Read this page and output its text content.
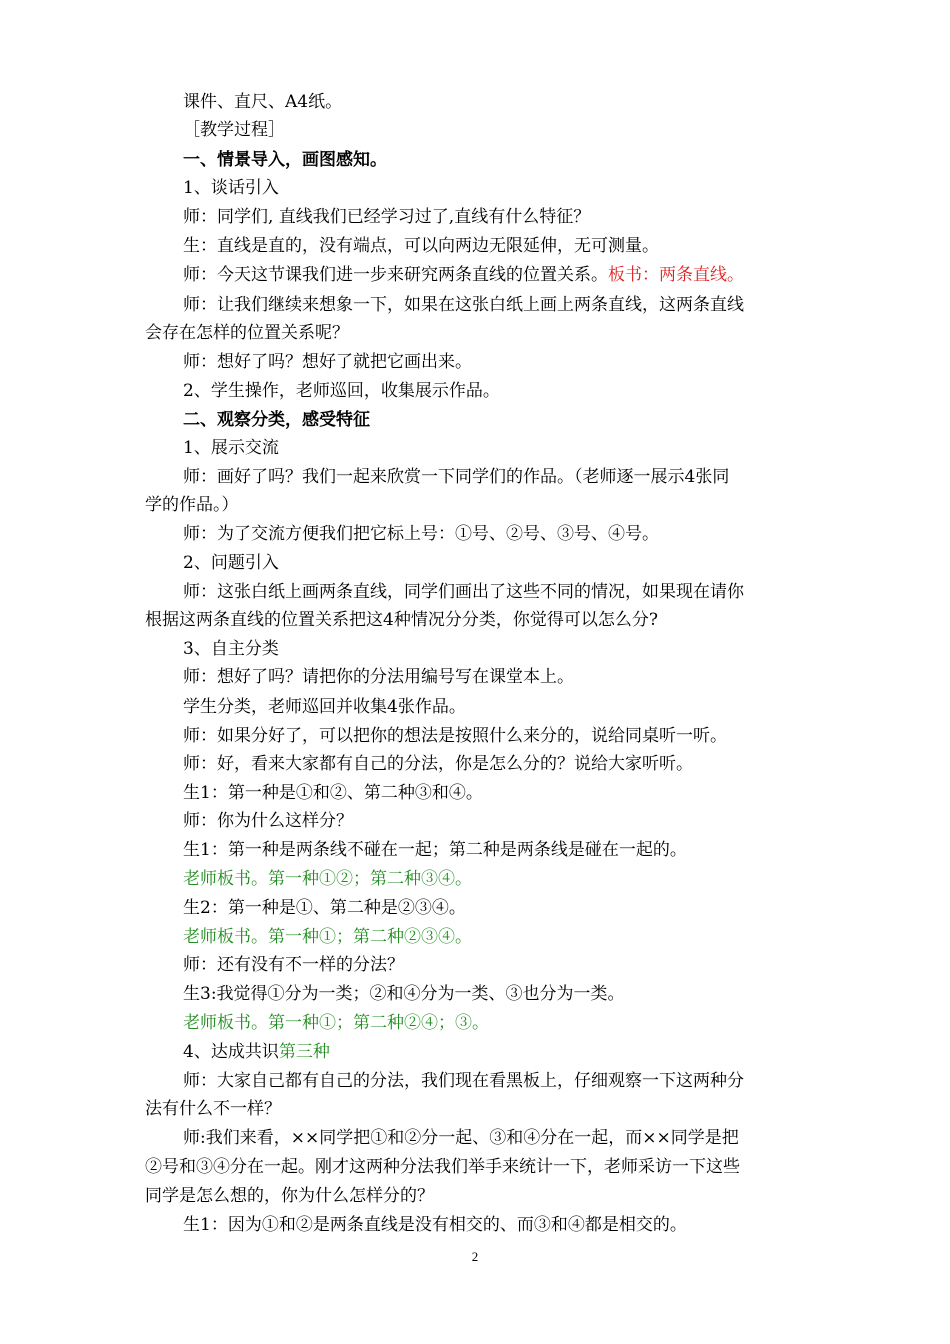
课件、直尺、A4纸。
［教学过程］
一、情景导入，画图感知。
1、谈话引入
师：同学们, 直线我们已经学习过了,直线有什么特征？
生：直线是直的，没有端点，可以向两边无限延伸，无可测量。
师：今天这节课我们进一步来研究两条直线的位置关系。板书：两条直线。
师：让我们继续来想象一下，如果在这张白纸上画上两条直线，这两条直线
会存在怎样的位置关系呢？
师：想好了吗？想好了就把它画出来。
2、学生操作，老师巡回，收集展示作品。
二、观察分类，感受特征
1、展示交流
师：画好了吗？我们一起来欣赏一下同学们的作品。（老师逐一展示4张同
学的作品。）
师：为了交流方便我们把它标上号：①号、②号、③号、④号。
2、问题引入
师：这张白纸上画两条直线，同学们画出了这些不同的情况，如果现在请你
根据这两条直线的位置关系把这4种情况分分类，你觉得可以怎么分?
3、自主分类
师：想好了吗？请把你的分法用编号写在课堂本上。
学生分类，老师巡回并收集4张作品。
师：如果分好了，可以把你的想法是按照什么来分的，说给同桌听一听。
师：好，看来大家都有自己的分法，你是怎么分的？说给大家听听。
生1：第一种是①和②、第二种③和④。
师：你为什么这样分？
生1：第一种是两条线不碰在一起；第二种是两条线是碰在一起的。
老师板书。第一种①②；第二种③④。
生2：第一种是①、第二种是②③④。
老师板书。第一种①；第二种②③④。
师：还有没有不一样的分法？
生3:我觉得①分为一类；②和④分为一类、③也分为一类。
老师板书。第一种①；第二种②④；③。
4、达成共识第三种
师：大家自己都有自己的分法，我们现在看黑板上，仔细观察一下这两种分
法有什么不一样？
师:我们来看，××同学把①和②分一起、③和④分在一起，而××同学是把
②号和③④分在一起。刚才这两种分法我们举手来统计一下，老师采访一下这些
同学是怎么想的，你为什么怎样分的？
生1：因为①和②是两条直线是没有相交的、而③和④都是相交的。
2
